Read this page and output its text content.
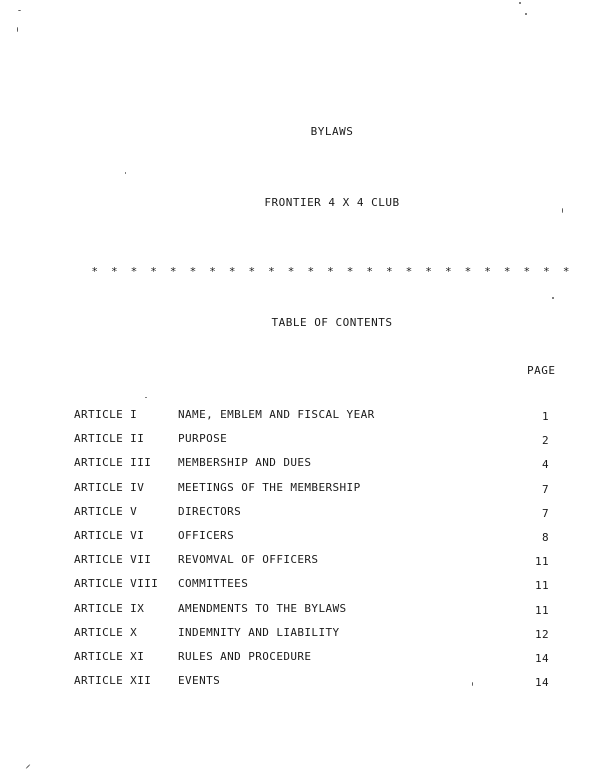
BYLAWS
FRONTIER 4 X 4 CLUB
* * * * * * * * * * * * * * * * * * * * * * * * *
TABLE OF CONTENTS
PAGE
ARTICLE I	NAME, EMBLEM AND FISCAL YEAR	1
ARTICLE II	PURPOSE	2
ARTICLE III MEMBERSHIP AND DUES	4
ARTICLE IV	MEETINGS OF THE MEMBERSHIP	7
ARTICLE V	DIRECTORS	7
ARTICLE VI	OFFICERS	8
ARTICLE VII REVOMVAL OF OFFICERS	11
ARTICLE VIII COMMITTEES	11
ARTICLE IX	AMENDMENTS TO THE BYLAWS	11
ARTICLE X	INDEMNITY AND LIABILITY	12
ARTICLE XI	RULES AND PROCEDURE	14
ARTICLE XII EVENTS	14
